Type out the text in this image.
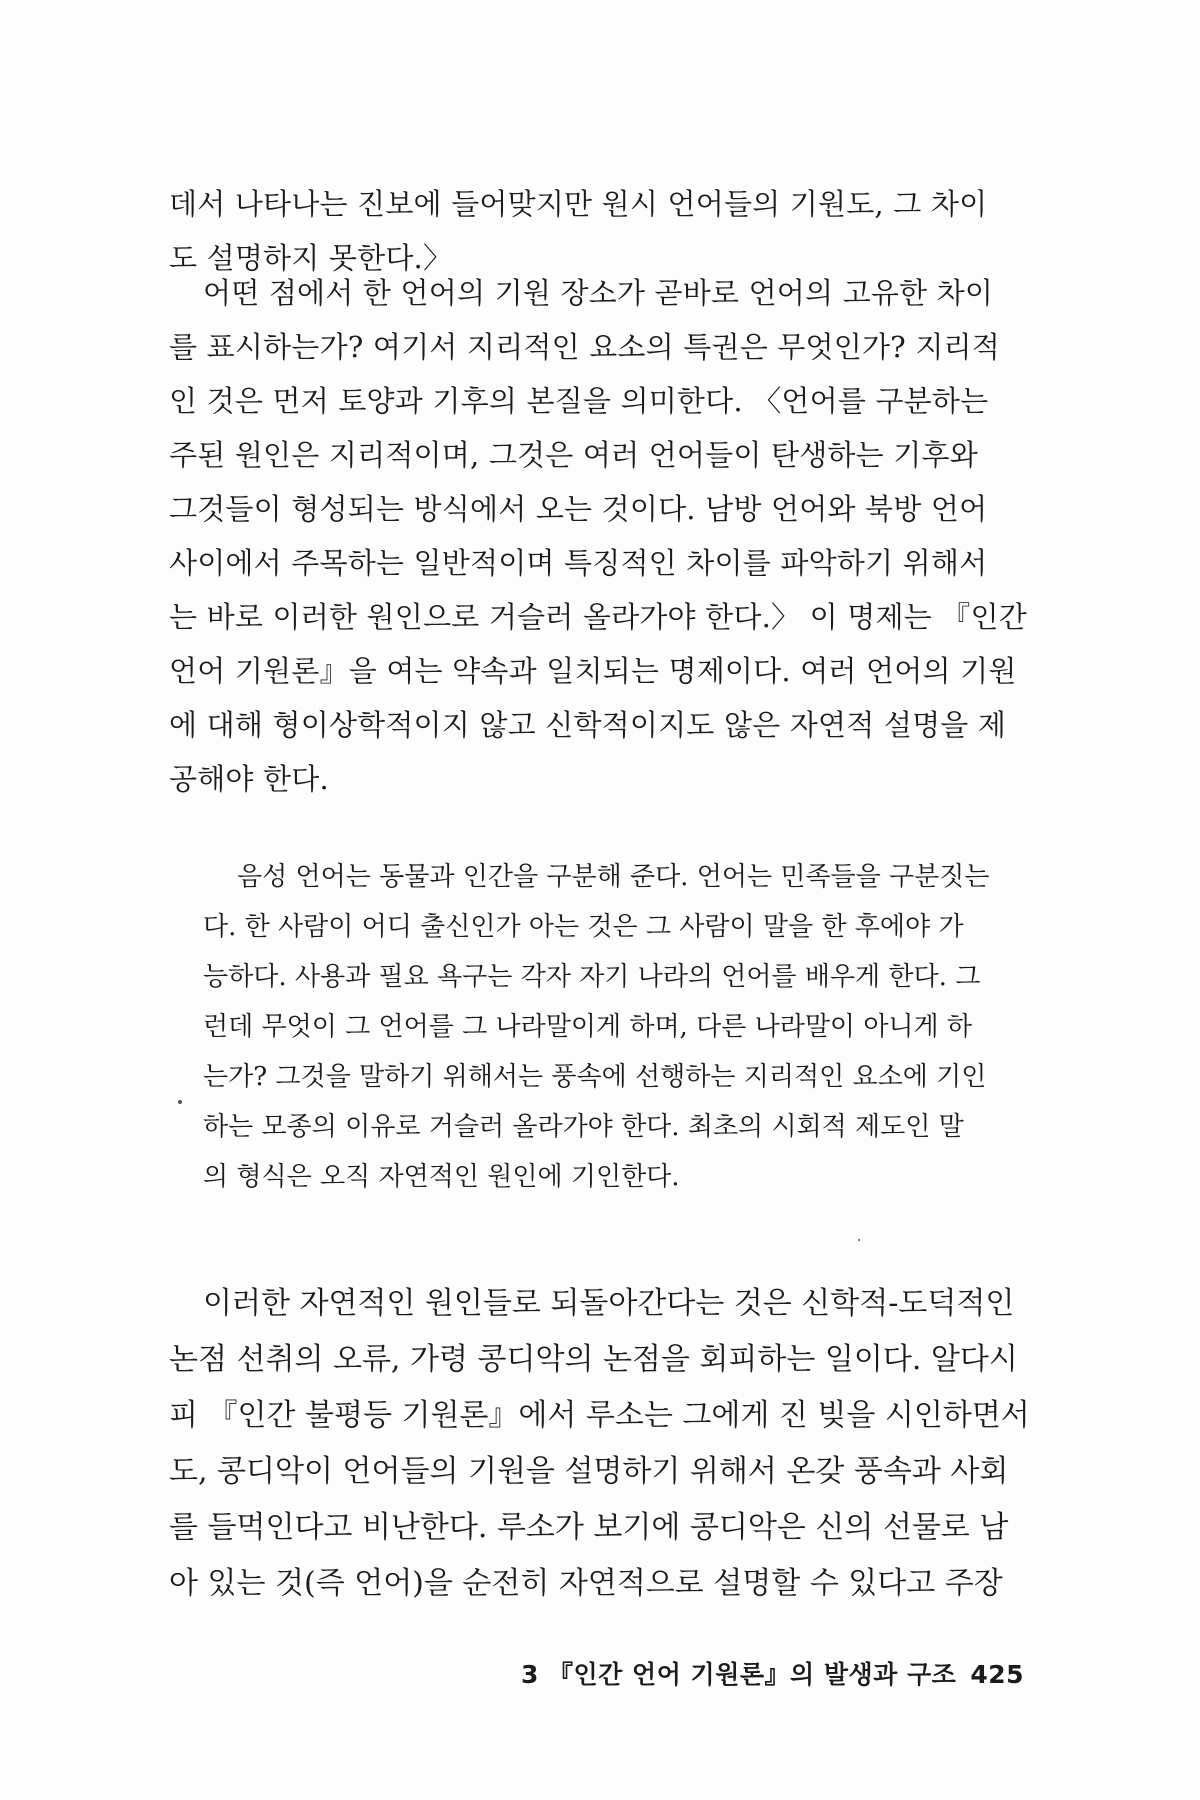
데서 나타나는 진보에 들어맞지만 원시 언어들의 기원도, 그 차이
도 설명하지 못한다.〉
어떤 점에서 한 언어의 기원 장소가 곧바로 언어의 고유한 차이
를 표시하는가? 여기서 지리적인 요소의 특권은 무엇인가? 지리적
인 것은 먼저 토양과 기후의 본질을 의미한다. 〈언어를 구분하는
주된 원인은 지리적이며, 그것은 여러 언어들이 탄생하는 기후와
그것들이 형성되는 방식에서 오는 것이다. 남방 언어와 북방 언어
사이에서 주목하는 일반적이며 특징적인 차이를 파악하기 위해서
는 바로 이러한 원인으로 거슬러 올라가야 한다.〉 이 명제는 『인간
언어 기원론』을 여는 약속과 일치되는 명제이다. 여러 언어의 기원
에 대해 형이상학적이지 않고 신학적이지도 않은 자연적 설명을 제
공해야 한다.
음성 언어는 동물과 인간을 구분해 준다. 언어는 민족들을 구분짓는
다. 한 사람이 어디 출신인가 아는 것은 그 사람이 말을 한 후에야 가
능하다. 사용과 필요 욕구는 각자 자기 나라의 언어를 배우게 한다. 그
런데 무엇이 그 언어를 그 나라말이게 하며, 다른 나라말이 아니게 하
는가? 그것을 말하기 위해서는 풍속에 선행하는 지리적인 요소에 기인
하는 모종의 이유로 거슬러 올라가야 한다. 최초의 시회적 제도인 말
의 형식은 오직 자연적인 원인에 기인한다.
이러한 자연적인 원인들로 되돌아간다는 것은 신학적-도덕적인
논점 선취의 오류, 가령 콩디악의 논점을 회피하는 일이다. 알다시
피 『인간 불평등 기원론』에서 루소는 그에게 진 빚을 시인하면서
도, 콩디악이 언어들의 기원을 설명하기 위해서 온갖 풍속과 사회
를 들먹인다고 비난한다. 루소가 보기에 콩디악은 신의 선물로 남
아 있는 것(즉 언어)을 순전히 자연적으로 설명할 수 있다고 주장
3 『인간 언어 기원론』의 발생과 구조 425
